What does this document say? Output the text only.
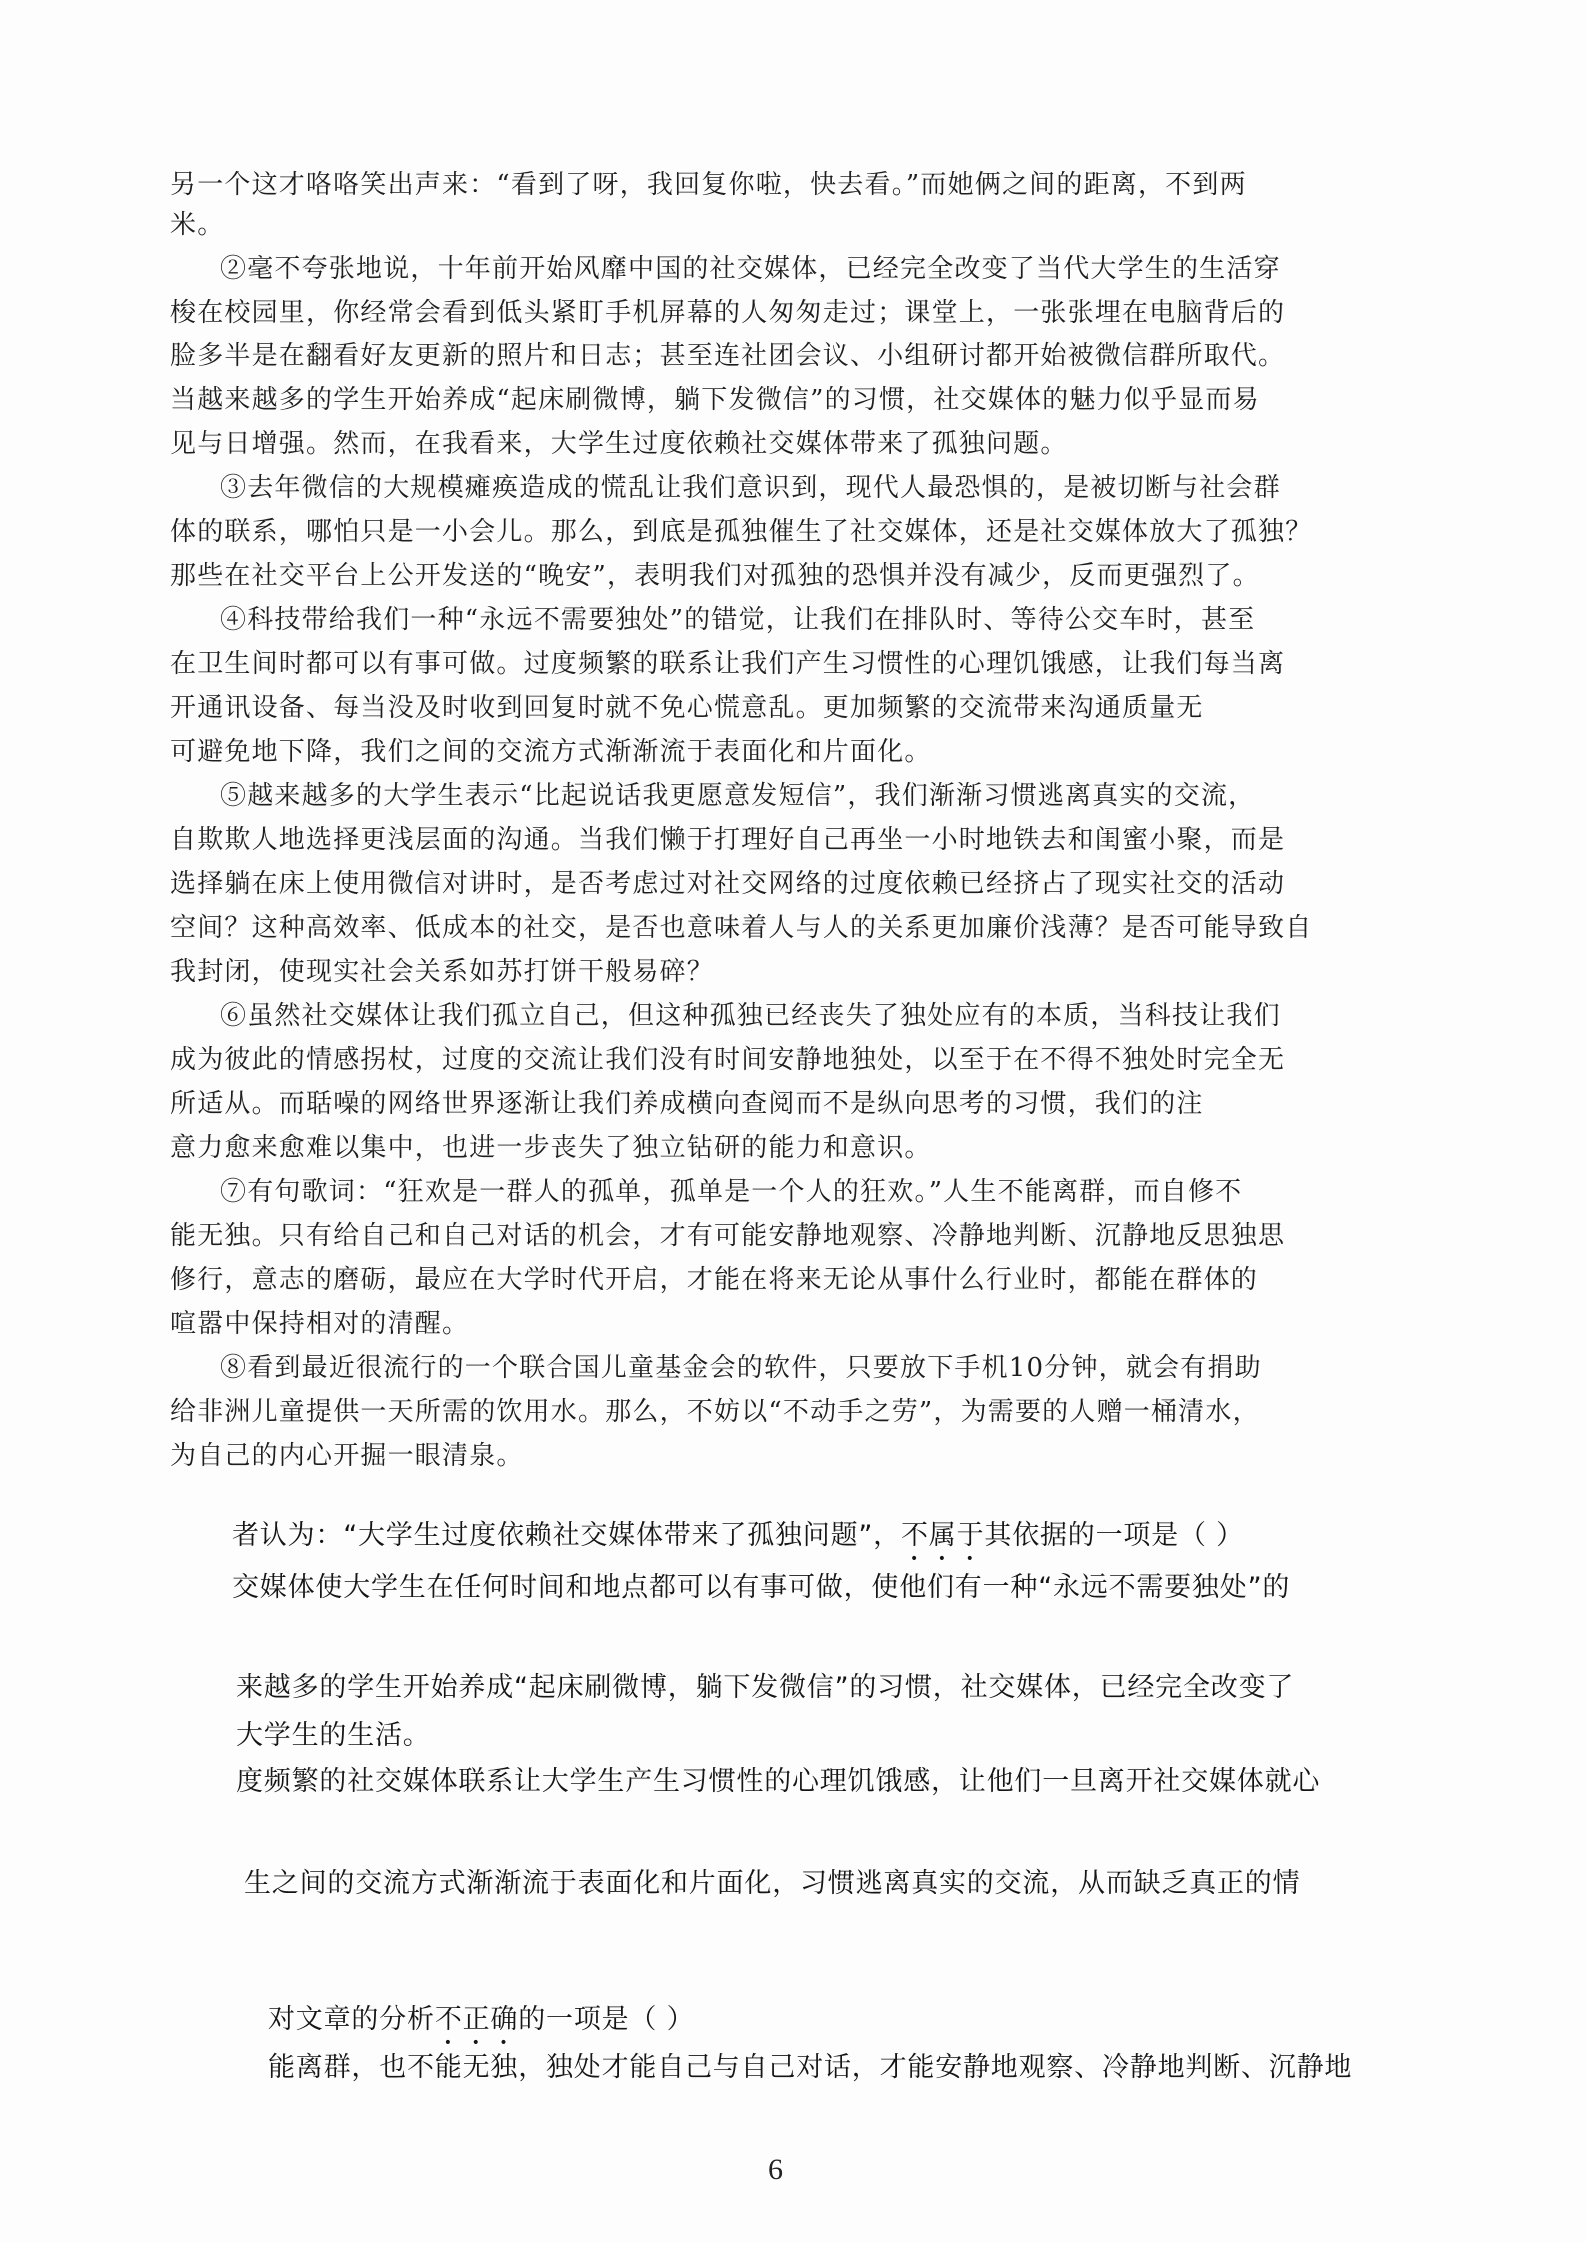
另一个这才咯咯笑出声来：“看到了呀，我回复你啦，快去看。”而她俩之间的距离，不到两
米。
②毫不夸张地说，十年前开始风靡中国的社交媒体，已经完全改变了当代大学生的生活穿
梭在校园里，你经常会看到低头紧盯手机屏幕的人匆匆走过；课堂上，一张张埋在电脑背后的
脸多半是在翻看好友更新的照片和日志；甚至连社团会议、小组研讨都开始被微信群所取代。
当越来越多的学生开始养成“起床刷微博，躺下发微信”的习惯，社交媒体的魅力似乎显而易
见与日增强。然而，在我看来，大学生过度依赖社交媒体带来了孤独问题。
③去年微信的大规模瘫痪造成的慌乱让我们意识到，现代人最恐惧的，是被切断与社会群
体的联系，哪怕只是一小会儿。那么，到底是孤独催生了社交媒体，还是社交媒体放大了孤独？
那些在社交平台上公开发送的“晚安”，表明我们对孤独的恐惧并没有减少，反而更强烈了。
④科技带给我们一种“永远不需要独处”的错觉，让我们在排队时、等待公交车时，甚至
在卫生间时都可以有事可做。过度频繁的联系让我们产生习惯性的心理饥饿感，让我们每当离
开通讯设备、每当没及时收到回复时就不免心慌意乱。更加频繁的交流带来沟通质量无
可避免地下降，我们之间的交流方式渐渐流于表面化和片面化。
⑤越来越多的大学生表示“比起说话我更愿意发短信”，我们渐渐习惯逃离真实的交流，
自欺欺人地选择更浅层面的沟通。当我们懒于打理好自己再坐一小时地铁去和闺蜜小聚，而是
选择躺在床上使用微信对讲时，是否考虑过对社交网络的过度依赖已经挤占了现实社交的活动
空间？这种高效率、低成本的社交，是否也意味着人与人的关系更加廉价浅薄？是否可能导致自
我封闭，使现实社会关系如苏打饼干般易碎？
⑥虽然社交媒体让我们孤立自己，但这种孤独已经丧失了独处应有的本质，当科技让我们
成为彼此的情感拐杖，过度的交流让我们没有时间安静地独处，以至于在不得不独处时完全无
所适从。而聒噪的网络世界逐渐让我们养成横向查阅而不是纵向思考的习惯，我们的注
意力愈来愈难以集中，也进一步丧失了独立钻研的能力和意识。
⑦有句歌词：“狂欢是一群人的孤单，孤单是一个人的狂欢。”人生不能离群，而自修不
能无独。只有给自己和自己对话的机会，才有可能安静地观察、冷静地判断、沉静地反思独思
修行，意志的磨砺，最应在大学时代开启，才能在将来无论从事什么行业时，都能在群体的
喧嚣中保持相对的清醒。
⑧看到最近很流行的一个联合国儿童基金会的软件，只要放下手机10分钟，就会有捐助
给非洲儿童提供一天所需的饮用水。那么，不妨以“不动手之劳”，为需要的人赠一桶清水，
为自己的内心开掘一眼清泉。
者认为：“大学生过度依赖社交媒体带来了孤独问题”，不属于其依据的一项是（ ）
交媒体使大学生在任何时间和地点都可以有事可做，使他们有一种“永远不需要独处”的
来越多的学生开始养成“起床刷微博，躺下发微信”的习惯，社交媒体，已经完全改变了
大学生的生活。
度频繁的社交媒体联系让大学生产生习惯性的心理饥饿感，让他们一旦离开社交媒体就心
生之间的交流方式渐渐流于表面化和片面化，习惯逃离真实的交流，从而缺乏真正的情
对文章的分析不正确的一项是（ ）
能离群，也不能无独，独处才能自己与自己对话，才能安静地观察、冷静地判断、沉静地
6
